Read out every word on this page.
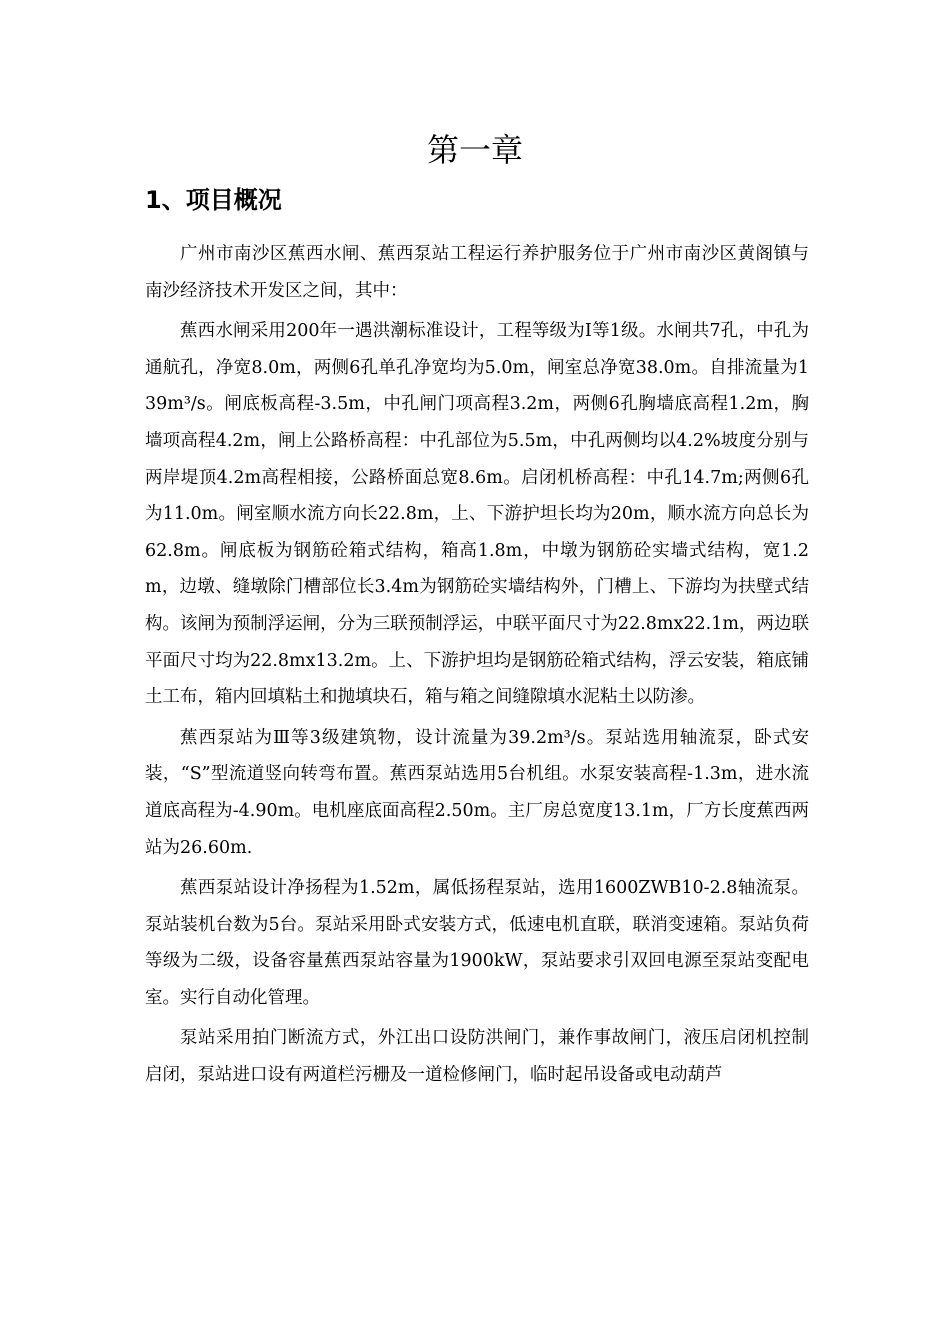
第一章
1、项目概况

广州市南沙区蕉西水闸、蕉西泵站工程运行养护服务位于广州市南沙区黄阁镇与南沙经济技术开发区之间，其中：

蕉西水闸采用200年一遇洪潮标准设计，工程等级为Ⅰ等1级。水闸共7孔，中孔为通航孔，净宽8.0m，两侧6孔单孔净宽均为5.0m，闸室总净宽38.0m。自排流量为139m³/s。闸底板高程-3.5m，中孔闸门项高程3.2m，两侧6孔胸墙底高程1.2m，胸墙项高程4.2m，闸上公路桥高程：中孔部位为5.5m，中孔两侧均以4.2%坡度分别与两岸堤顶4.2m高程相接，公路桥面总宽8.6m。启闭机桥高程：中孔14.7m;两侧6孔为11.0m。闸室顺水流方向长22.8m，上、下游护坦长均为20m，顺水流方向总长为62.8m。闸底板为钢筋砼箱式结构，箱高1.8m，中墩为钢筋砼实墙式结构，宽1.2m，边墩、缝墩除门槽部位长3.4m为钢筋砼实墙结构外，门槽上、下游均为扶壁式结构。该闸为预制浮运闸，分为三联预制浮运，中联平面尺寸为22.8mx22.1m，两边联平面尺寸均为22.8mx13.2m。上、下游护坦均是钢筋砼箱式结构，浮云安装，箱底铺土工布，箱内回填粘土和抛填块石，箱与箱之间缝隙填水泥粘土以防渗。

蕉西泵站为Ⅲ等3级建筑物，设计流量为39.2m³/s。泵站选用轴流泵，卧式安装，“S”型流道竖向转弯布置。蕉西泵站选用5台机组。水泵安装高程-1.3m，进水流道底高程为-4.90m。电机座底面高程2.50m。主厂房总宽度13.1m，厂方长度蕉西两站为26.60m.

蕉西泵站设计净扬程为1.52m，属低扬程泵站，选用1600ZWB10-2.8轴流泵。泵站装机台数为5台。泵站采用卧式安装方式，低速电机直联，联消变速箱。泵站负荷等级为二级，设备容量蕉西泵站容量为1900kW，泵站要求引双回电源至泵站变配电室。实行自动化管理。

泵站采用拍门断流方式，外江出口设防洪闸门，兼作事故闸门，液压启闭机控制启闭，泵站进口设有两道栏污栅及一道检修闸门，临时起吊设备或电动葫芦
